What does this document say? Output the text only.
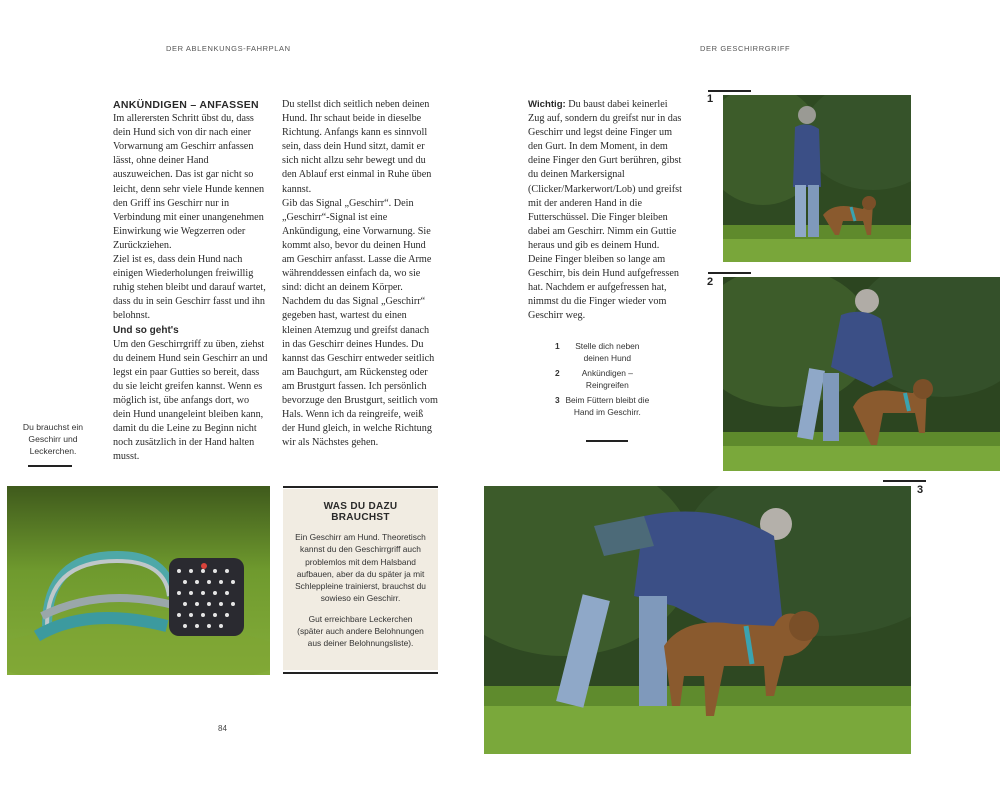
DER ABLENKUNGS-FAHRPLAN

ANKÜNDIGEN – ANFASSEN

Im allerersten Schritt übst du, dass dein Hund sich von dir nach einer Vorwarnung am Geschirr anfassen lässt, ohne deiner Hand auszuweichen. Das ist gar nicht so leicht, denn sehr viele Hunde kennen den Griff ins Geschirr nur in Verbindung mit einer unangenehmen Einwirkung wie Wegzerren oder Zurückziehen.

Ziel ist es, dass dein Hund nach einigen Wiederholungen freiwillig ruhig stehen bleibt und darauf wartet, dass du in sein Geschirr fasst und ihn belohnst.

Und so geht's

Um den Geschirrgriff zu üben, ziehst du deinem Hund sein Geschirr an und legst ein paar Gutties so bereit, dass du sie leicht greifen kannst. Wenn es möglich ist, übe anfangs dort, wo dein Hund unangeleint bleiben kann, damit du die Leine zu Beginn nicht noch zusätzlich in der Hand halten musst.

Du stellst dich seitlich neben deinen Hund. Ihr schaut beide in dieselbe Richtung. Anfangs kann es sinnvoll sein, dass dein Hund sitzt, damit er sich nicht allzu sehr bewegt und du den Ablauf erst einmal in Ruhe üben kannst.

Gib das Signal „Geschirr“. Dein „Geschirr“-Signal ist eine Ankündigung, eine Vorwarnung. Sie kommt also, bevor du deinen Hund am Geschirr anfasst. Lasse die Arme währenddessen einfach da, wo sie sind: dicht an deinem Körper.

Nachdem du das Signal „Geschirr“ gegeben hast, wartest du einen kleinen Atemzug und greifst danach in das Geschirr deines Hundes. Du kannst das Geschirr entweder seitlich am Bauchgurt, am Rückensteg oder am Brustgurt fassen. Ich persönlich bevorzuge den Brustgurt, seitlich vom Hals. Wenn ich da reingreife, weiß der Hund gleich, in welche Richtung wir als Nächstes gehen.

Du brauchst ein Geschirr und Leckerchen.

WAS DU DAZU BRAUCHST

Ein Geschirr am Hund. Theoretisch kannst du den Geschirrgriff auch problemlos mit dem Halsband aufbauen, aber da du später ja mit Schleppleine trainierst, brauchst du sowieso ein Geschirr.

Gut erreichbare Leckerchen (später auch andere Belohnungen aus deiner Belohnungsliste).

84
DER GESCHIRRGRIFF

Wichtig: Du baust dabei keinerlei Zug auf, sondern du greifst nur in das Geschirr und legst deine Finger um den Gurt. In dem Moment, in dem deine Finger den Gurt berühren, gibst du deinen Markersignal (Clicker/Markerwort/Lob) und greifst mit der anderen Hand in die Futterschüssel. Die Finger bleiben dabei am Geschirr. Nimm ein Guttie heraus und gib es deinem Hund. Deine Finger bleiben so lange am Geschirr, bis dein Hund aufgefressen hat. Nachdem er aufgefressen hat, nimmst du die Finger wieder vom Geschirr weg.

1	Stelle dich neben deinen Hund
2	Ankündigen – Reingreifen
3 Beim Füttern bleibt die Hand im Geschirr.
1
2
3
